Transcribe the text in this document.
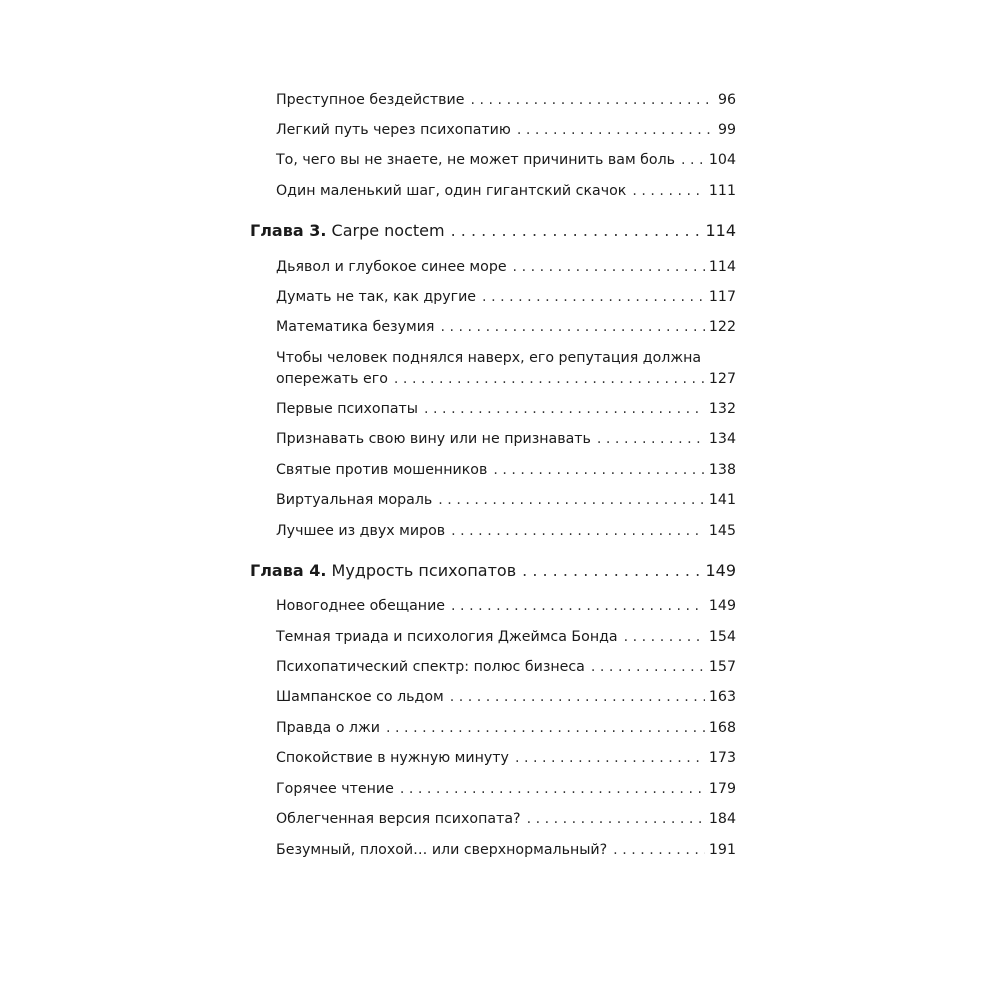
Преступное бездействие . . .	96
Легкий путь через психопатию . . .	99
То, чего вы не знаете, не может причинить вам боль . . . 104
Один маленький шаг, один гигантский скачок . . .	111
Глава 3. Carpe noctem . . .	114
Дьявол и глубокое синее море . . .	114
Думать не так, как другие . . .	117
Математика безумия . . .	122
Чтобы человек поднялся наверх, его репутация должна
опережать его . . .	127
Первые психопаты . . .	132
Признавать свою вину или не признавать . . .	134
Святые против мошенников . . .	138
Виртуальная мораль . . .	141
Лучшее из двух миров . . .	145
Глава 4. Мудрость психопатов . . .	149
Новогоднее обещание . . .	149
Темная триада и психология Джеймса Бонда . . .	154
Психопатический спектр: полюс бизнеса . . .	157
Шампанское со льдом . . .	163
Правда о лжи . . .	168
Спокойствие в нужную минуту . . .	173
Горячее чтение . . .	179
Облегченная версия психопата? . . .	184
Безумный, плохой… или сверхнормальный? . . .	191
